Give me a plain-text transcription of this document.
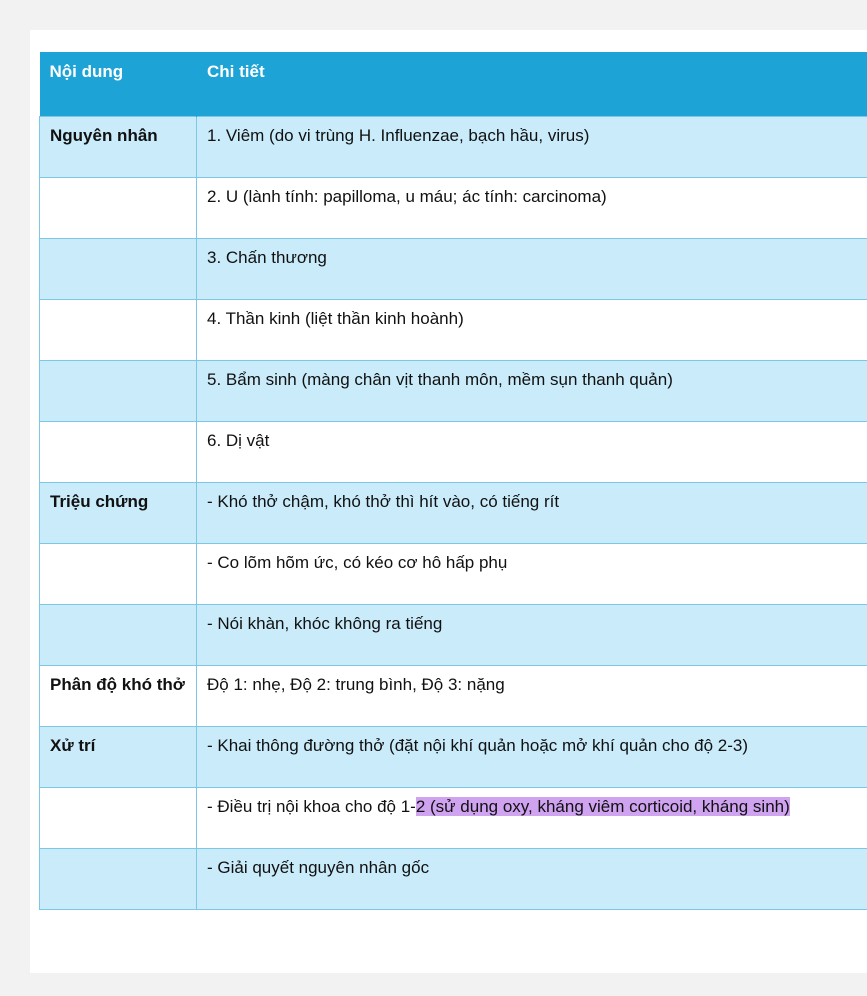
Nội dung	Chi tiết
Nguyên nhân	1. Viêm (do vi trùng H. Influenzae, bạch hầu, virus)
	2. U (lành tính: papilloma, u máu; ác tính: carcinoma)
	3. Chấn thương
	4. Thần kinh (liệt thần kinh hoành)
	5. Bẩm sinh (màng chân vịt thanh môn, mềm sụn thanh quản)
	6. Dị vật
Triệu chứng	- Khó thở chậm, khó thở thì hít vào, có tiếng rít
	- Co lõm hõm ức, có kéo cơ hô hấp phụ
	- Nói khàn, khóc không ra tiếng
Phân độ khó thở	Độ 1: nhẹ, Độ 2: trung bình, Độ 3: nặng
Xử trí	- Khai thông đường thở (đặt nội khí quản hoặc mở khí quản cho độ 2-3)
	- Điều trị nội khoa cho độ 1-2 (sử dụng oxy, kháng viêm corticoid, kháng sinh)
	- Giải quyết nguyên nhân gốc
